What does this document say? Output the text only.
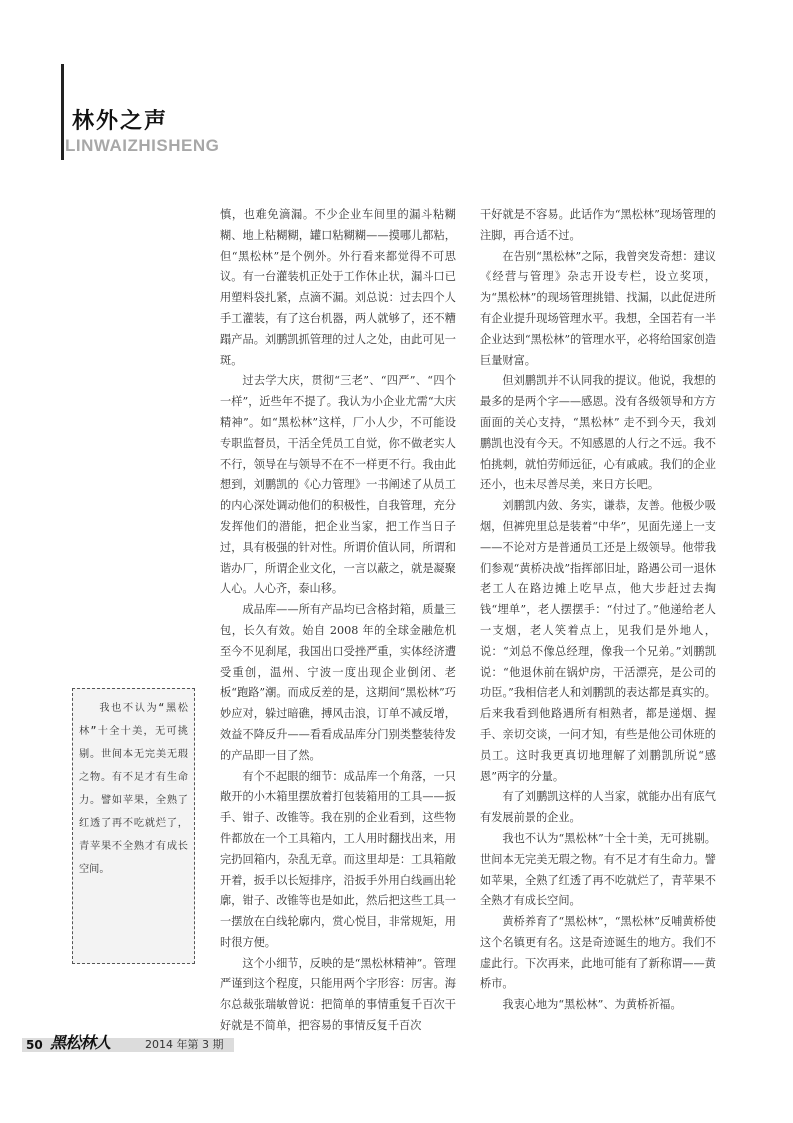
林外之声
LINWAIZHISHENG

慎，也难免滴漏。不少企业车间里的漏斗粘糊糊、地上粘糊糊，罐口粘糊糊——摸哪儿都粘，但“黑松林”是个例外。外行看来都觉得不可思议。有一台灌装机正处于工作休止状，漏斗口已用塑料袋扎紧，点滴不漏。刘总说：过去四个人手工灌装，有了这台机器，两人就够了，还不糟蹋产品。刘鹏凯抓管理的过人之处，由此可见一斑。

过去学大庆，贯彻“三老”、“四严”、“四个一样”，近些年不提了。我认为小企业尤需“大庆精神”。如“黑松林”这样，厂小人少，不可能设专职监督员，干活全凭员工自觉，你不做老实人不行，领导在与领导不在不一样更不行。我由此想到，刘鹏凯的《心力管理》一书阐述了从员工的内心深处调动他们的积极性，自我管理，充分发挥他们的潜能，把企业当家，把工作当日子过，具有极强的针对性。所谓价值认同，所谓和谐办厂，所谓企业文化，一言以蔽之，就是凝聚人心。人心齐，泰山移。

成品库——所有产品均已含格封箱，质量三包，长久有效。始自 2008 年的全球金融危机至今不见刹尾，我国出口受挫严重，实体经济遭受重创，温州、宁波一度出现企业倒闭、老板“跑路”潮。而成反差的是，这期间“黑松林”巧妙应对，躲过暗礁，搏风击浪，订单不减反增，效益不降反升——看看成品库分门别类整装待发的产品即一目了然。

有个不起眼的细节：成品库一个角落，一只敞开的小木箱里摆放着打包装箱用的工具——扳手、钳子、改锥等。我在别的企业看到，这些物件都放在一个工具箱内，工人用时翻找出来，用完扔回箱内，杂乱无章。而这里却是：工具箱敞开着，扳手以长短排序，沿扳手外用白线画出轮廓，钳子、改锥等也是如此，然后把这些工具一一摆放在白线轮廓内，赏心悦目，非常规矩，用时很方便。

这个小细节，反映的是“黑松林精神”。管理严谨到这个程度，只能用两个字形容：厉害。海尔总裁张瑞敏曾说：把简单的事情重复千百次干好就是不简单，把容易的事情反复千百次

干好就是不容易。此话作为“黑松林”现场管理的注脚，再合适不过。

在告别“黑松林”之际，我曾突发奇想：建议《经营与管理》杂志开设专栏，设立奖项，为“黑松林”的现场管理挑错、找漏，以此促进所有企业提升现场管理水平。我想，全国若有一半企业达到“黑松林”的管理水平，必将给国家创造巨量财富。

但刘鹏凯并不认同我的提议。他说，我想的最多的是两个字——感恩。没有各级领导和方方面面的关心支持，“黑松林” 走不到今天，我刘鹏凯也没有今天。不知感恩的人行之不远。我不怕挑刺，就怕劳师远征，心有戚戚。我们的企业还小，也未尽善尽美，来日方长吧。

刘鹏凯内敛、务实，谦恭，友善。他极少吸烟，但裤兜里总是装着“中华”，见面先递上一支——不论对方是普通员工还是上级领导。他带我们参观“黄桥决战”指挥部旧址，路遇公司一退休老工人在路边摊上吃早点，他大步赶过去掏钱“埋单”，老人摆摆手：“付过了。”他递给老人一支烟，老人笑着点上，见我们是外地人，说：“刘总不像总经理，像我一个兄弟。”刘鹏凯说：“他退休前在锅炉房，干活漂亮，是公司的功臣。”我相信老人和刘鹏凯的表达都是真实的。后来我看到他路遇所有相熟者，都是递烟、握手、亲切交谈，一问才知，有些是他公司休班的员工。这时我更真切地理解了刘鹏凯所说“感恩”两字的分量。

有了刘鹏凯这样的人当家，就能办出有底气有发展前景的企业。

我也不认为“黑松林”十全十美，无可挑剔。世间本无完美无瑕之物。有不足才有生命力。譬如苹果，全熟了红透了再不吃就烂了，青苹果不全熟才有成长空间。

黄桥养育了“黑松林”，“黑松林”反哺黄桥使这个名镇更有名。这是奇迹诞生的地方。我们不虚此行。下次再来，此地可能有了新称谓——黄桥市。

我衷心地为“黑松林”、为黄桥祈福。

我也不认为“黑松林”十全十美，无可挑剔。世间本无完美无瑕之物。有不足才有生命力。譬如苹果，全熟了红透了再不吃就烂了，青苹果不全熟才有成长空间。

50 黑松林人	2014 年第 3 期
